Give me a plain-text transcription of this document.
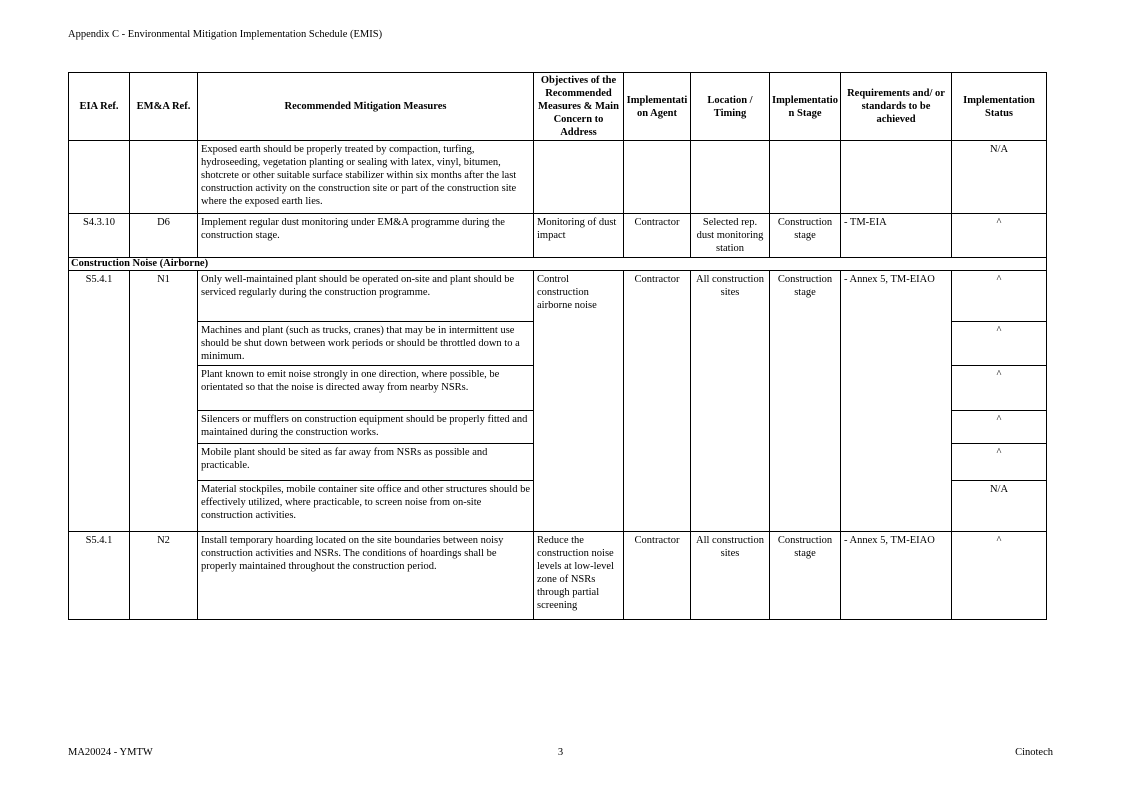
Appendix C - Environmental Mitigation Implementation Schedule (EMIS)
EIA Ref.	EM&A Ref.	Recommended Mitigation Measures	Objectives of the Recommended Measures & Main Concern to Address	Implementation Agent	Location / Timing	Implementation Stage	Requirements and/ or standards to be achieved	Implementation Status
		Exposed earth should be properly treated by compaction, turfing, hydroseeding, vegetation planting or sealing with latex, vinyl, bitumen, shotcrete or other suitable surface stabilizer within six months after the last construction activity on the construction site or part of the construction site where the exposed earth lies.						N/A
S4.3.10	D6	Implement regular dust monitoring under EM&A programme during the construction stage.	Monitoring of dust impact	Contractor	Selected rep. dust monitoring station	Construction stage	- TM-EIA	^
Construction Noise (Airborne)								
S5.4.1	N1	Only well-maintained plant should be operated on-site and plant should be serviced regularly during the construction programme.	Control construction airborne noise	Contractor	All construction sites	Construction stage	- Annex 5, TM-EIAO	^
		Machines and plant (such as trucks, cranes) that may be in intermittent use should be shut down between work periods or should be throttled down to a minimum.						^
		Plant known to emit noise strongly in one direction, where possible, be orientated so that the noise is directed away from nearby NSRs.						^
		Silencers or mufflers on construction equipment should be properly fitted and maintained during the construction works.						^
		Mobile plant should be sited as far away from NSRs as possible and practicable.						^
		Material stockpiles, mobile container site office and other structures should be effectively utilized, where practicable, to screen noise from on-site construction activities.						N/A
S5.4.1	N2	Install temporary hoarding located on the site boundaries between noisy construction activities and NSRs. The conditions of hoardings shall be properly maintained throughout the construction period.	Reduce the construction noise levels at low-level zone of NSRs through partial screening	Contractor	All construction sites	Construction stage	- Annex 5, TM-EIAO	^
MA20024 - YMTW	3	Cinotech
